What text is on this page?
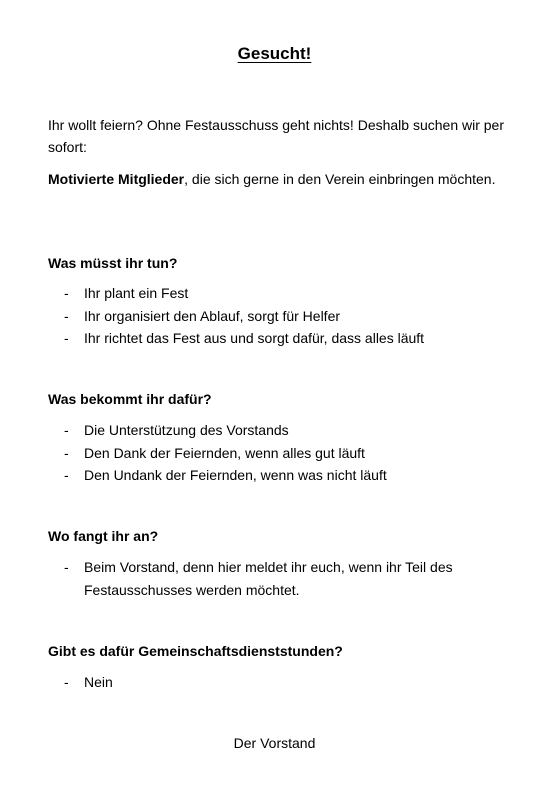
Gesucht!

Ihr wollt feiern? Ohne Festausschuss geht nichts! Deshalb suchen wir per sofort:

Motivierte Mitglieder, die sich gerne in den Verein einbringen möchten.

Was müsst ihr tun?
- Ihr plant ein Fest
- Ihr organisiert den Ablauf, sorgt für Helfer
- Ihr richtet das Fest aus und sorgt dafür, dass alles läuft
Was bekommt ihr dafür?
- Die Unterstützung des Vorstands
- Den Dank der Feiernden, wenn alles gut läuft
- Den Undank der Feiernden, wenn was nicht läuft
Wo fangt ihr an?
- Beim Vorstand, denn hier meldet ihr euch, wenn ihr Teil des Festausschusses werden möchtet.
Gibt es dafür Gemeinschaftsdienststunden?
- Nein
Der Vorstand
